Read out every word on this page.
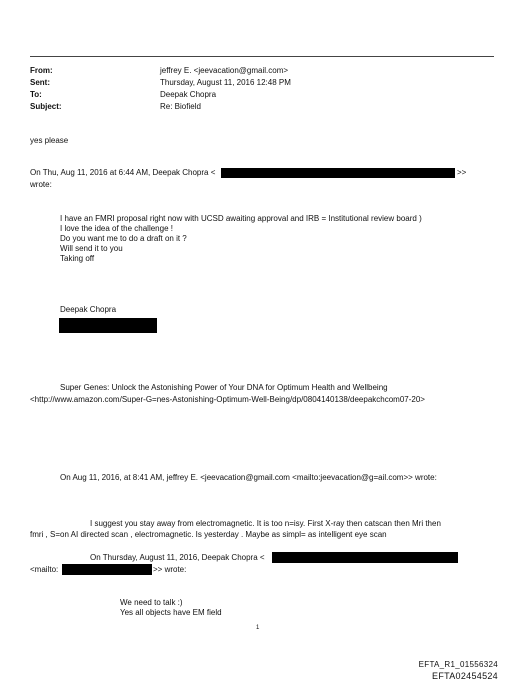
From:	jeffrey E. <jeevacation@gmail.com>
Sent:	Thursday, August 11, 2016 12:48 PM
To:	Deepak Chopra
Subject:	Re: Biofield
yes please
On Thu, Aug 11, 2016 at 6:44 AM, Deepak Chopra <	>>
wrote:
I have an FMRI proposal right now with UCSD awaiting approval and IRB = Institutional review board )
I love the idea of the challenge !
Do you want me to do a draft on it ?
Will send it to you
Taking off
Deepak Chopra
Super Genes: Unlock the Astonishing Power of Your DNA for Optimum Health and Wellbeing
<http://www.amazon.com/Super-G=nes-Astonishing-Optimum-Well-Being/dp/0804140138/deepakchcom07-20>
On Aug 11, 2016, at 8:41 AM, jeffrey E. <jeevacation@gmail.com <mailto:jeevacation@g=ail.com>> wrote:
I suggest you stay away from electromagnetic. It is too n=isy. First X-ray then catscan then Mri then
fmri , S=on AI directed scan , electromagnetic. Is yesterday . Maybe as simpl= as intelligent eye scan
On Thursday, August 11, 2016, Deepak Chopra <
<mailto:	>> wrote:
We need to talk :)
Yes all objects have EM field
1
EFTA_R1_01556324
EFTA02454524
